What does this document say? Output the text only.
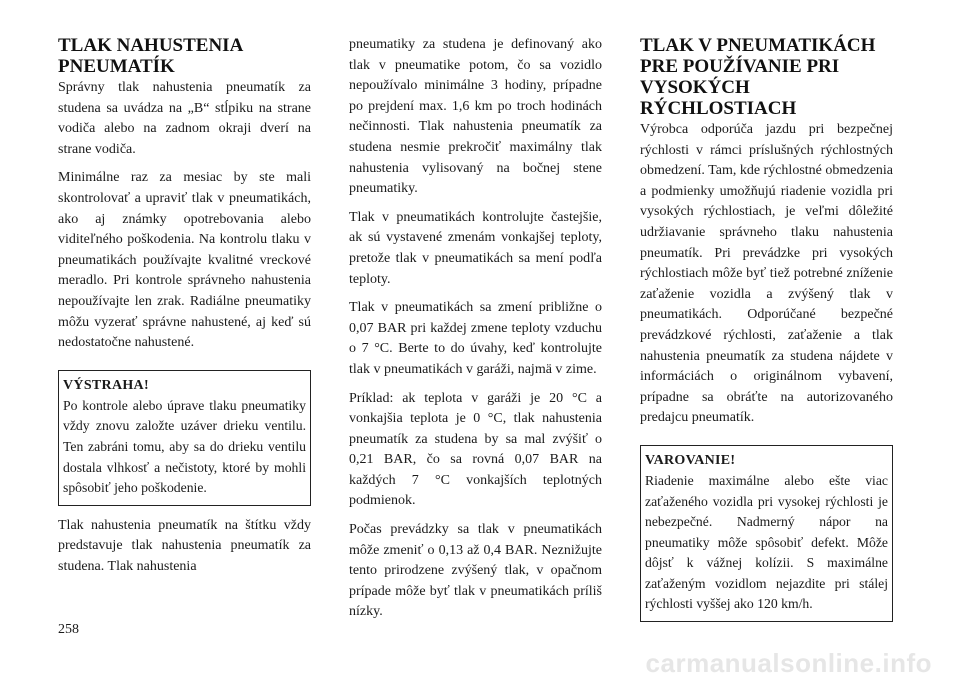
TLAK NAHUSTENIA PNEUMATÍK

Správny tlak nahustenia pneumatík za studena sa uvádza na „B“ stĺpiku na strane vodiča alebo na zadnom okraji dverí na strane vodiča.

Minimálne raz za mesiac by ste mali skontrolovať a upraviť tlak v pneumatikách, ako aj známky opotrebovania alebo viditeľného poškodenia. Na kontrolu tlaku v pneumatikách používajte kvalitné vreckové meradlo. Pri kontrole správneho nahustenia nepoužívajte len zrak. Radiálne pneumatiky môžu vyzerať správne nahustené, aj keď sú nedostatočne nahustené.

VÝSTRAHA!
Po kontrole alebo úprave tlaku pneumatiky vždy znovu založte uzáver drieku ventilu. Ten zabráni tomu, aby sa do drieku ventilu dostala vlhkosť a nečistoty, ktoré by mohli spôsobiť jeho poškodenie.

Tlak nahustenia pneumatík na štítku vždy predstavuje tlak nahustenia pneumatík za studena. Tlak nahustenia

pneumatiky za studena je definovaný ako tlak v pneumatike potom, čo sa vozidlo nepoužívalo minimálne 3 hodiny, prípadne po prejdení max. 1,6 km po troch hodinách nečinnosti. Tlak nahustenia pneumatík za studena nesmie prekročiť maximálny tlak nahustenia vylisovaný na bočnej stene pneumatiky.

Tlak v pneumatikách kontrolujte častejšie, ak sú vystavené zmenám vonkajšej teploty, pretože tlak v pneumatikách sa mení podľa teploty.

Tlak v pneumatikách sa zmení približne o 0,07 BAR pri každej zmene teploty vzduchu o 7 °C. Berte to do úvahy, keď kontrolujte tlak v pneumatikách v garáži, najmä v zime.

Príklad: ak teplota v garáži je 20 °C a vonkajšia teplota je 0 °C, tlak nahustenia pneumatík za studena by sa mal zvýšiť o 0,21 BAR, čo sa rovná 0,07 BAR na každých 7 °C vonkajších teplotných podmienok.

Počas prevádzky sa tlak v pneumatikách môže zmeniť o 0,13 až 0,4 BAR. Neznižujte tento prirodzene zvýšený tlak, v opačnom prípade môže byť tlak v pneumatikách príliš nízky.

TLAK V PNEUMATIKÁCH PRE POUŽÍVANIE PRI VYSOKÝCH RÝCHLOSTIACH

Výrobca odporúča jazdu pri bezpečnej rýchlosti v rámci príslušných rýchlostných obmedzení. Tam, kde rýchlostné obmedzenia a podmienky umožňujú riadenie vozidla pri vysokých rýchlostiach, je veľmi dôležité udržiavanie správneho tlaku nahustenia pneumatík. Pri prevádzke pri vysokých rýchlostiach môže byť tiež potrebné zníženie zaťaženie vozidla a zvýšený tlak v pneumatikách. Odporúčané bezpečné prevádzkové rýchlosti, zaťaženie a tlak nahustenia pneumatík za studena nájdete v informáciách o originálnom vybavení, prípadne sa obráťte na autorizovaného predajcu pneumatík.

VAROVANIE!
Riadenie maximálne alebo ešte viac zaťaženého vozidla pri vysokej rýchlosti je nebezpečné. Nadmerný nápor na pneumatiky môže spôsobiť defekt. Môže dôjsť k vážnej kolízii. S maximálne zaťaženým vozidlom nejazdite pri stálej rýchlosti vyššej ako 120 km/h.
258
carmanualsonline.info
